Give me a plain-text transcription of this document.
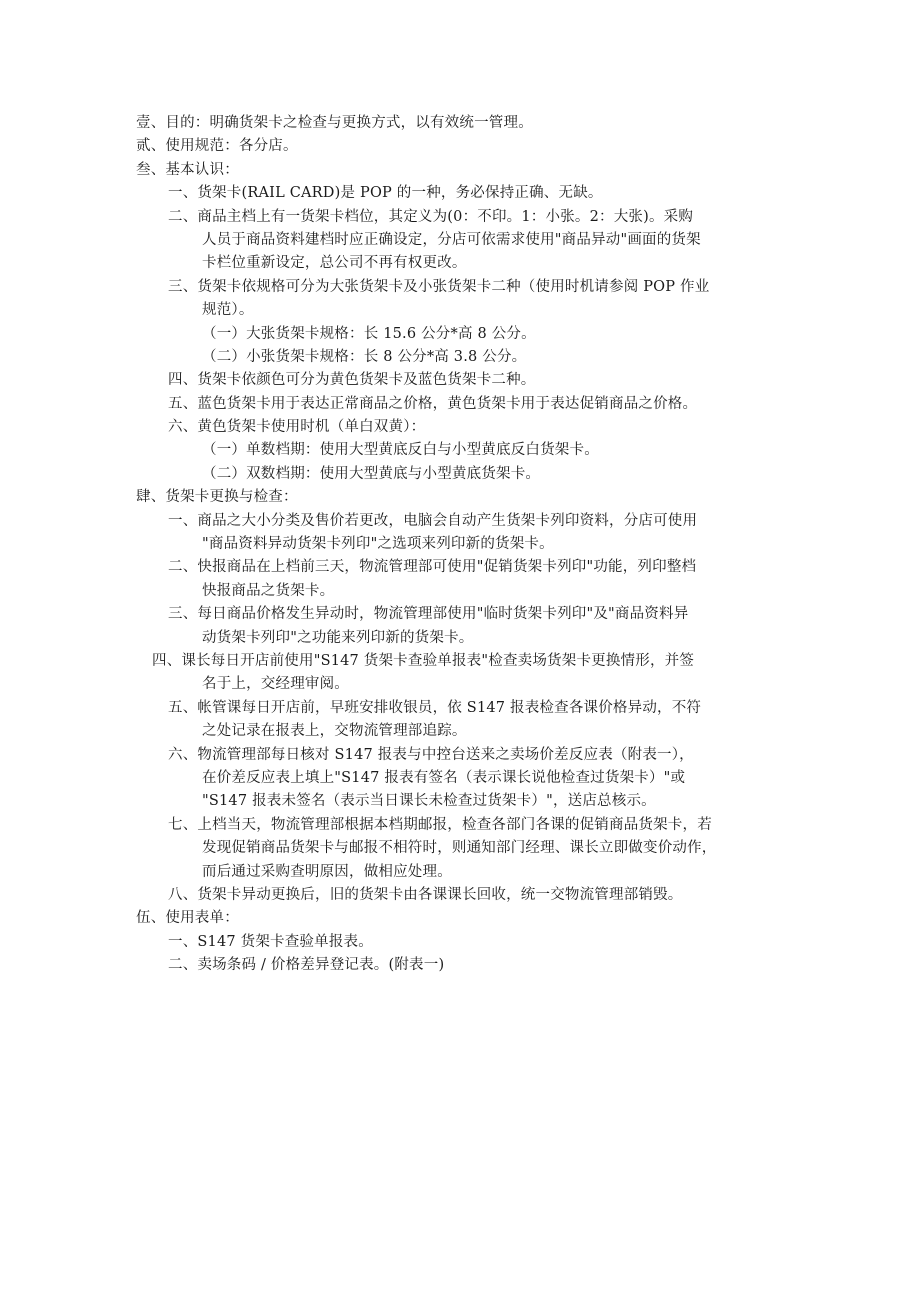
壹、目的：明确货架卡之检查与更换方式，以有效统一管理。
贰、使用规范：各分店。
叁、基本认识：
一、货架卡(RAIL CARD)是 POP 的一种，务必保持正确、无缺。
二、商品主档上有一货架卡档位，其定义为(0：不印。1：小张。2：大张)。采购
人员于商品资料建档时应正确设定，分店可依需求使用"商品异动"画面的货架
卡栏位重新设定，总公司不再有权更改。
三、货架卡依规格可分为大张货架卡及小张货架卡二种（使用时机请参阅 POP 作业
规范）。
（一）大张货架卡规格：长 15.6 公分*高 8 公分。
（二）小张货架卡规格：长 8 公分*高 3.8 公分。
四、货架卡依颜色可分为黄色货架卡及蓝色货架卡二种。
五、蓝色货架卡用于表达正常商品之价格，黄色货架卡用于表达促销商品之价格。
六、黄色货架卡使用时机（单白双黄）：
（一）单数档期：使用大型黄底反白与小型黄底反白货架卡。
（二）双数档期：使用大型黄底与小型黄底货架卡。
肆、货架卡更换与检查：
一、商品之大小分类及售价若更改，电脑会自动产生货架卡列印资料，分店可使用
"商品资料异动货架卡列印"之选项来列印新的货架卡。
二、快报商品在上档前三天，物流管理部可使用"促销货架卡列印"功能，列印整档
快报商品之货架卡。
三、每日商品价格发生异动时，物流管理部使用"临时货架卡列印"及"商品资料异
动货架卡列印"之功能来列印新的货架卡。
四、课长每日开店前使用"S147 货架卡查验单报表"检查卖场货架卡更换情形，并签
名于上，交经理审阅。
五、帐管课每日开店前，早班安排收银员，依 S147 报表检查各课价格异动，不符
之处记录在报表上，交物流管理部追踪。
六、物流管理部每日核对 S147 报表与中控台送来之卖场价差反应表（附表一），
在价差反应表上填上"S147 报表有签名（表示课长说他检查过货架卡）"或
"S147 报表未签名（表示当日课长未检查过货架卡）"，送店总核示。
七、上档当天，物流管理部根据本档期邮报，检查各部门各课的促销商品货架卡，若
发现促销商品货架卡与邮报不相符时，则通知部门经理、课长立即做变价动作，
而后通过采购查明原因，做相应处理。
八、货架卡异动更换后，旧的货架卡由各课课长回收，统一交物流管理部销毁。
伍、使用表单：
一、S147 货架卡查验单报表。
二、卖场条码 / 价格差异登记表。(附表一)
